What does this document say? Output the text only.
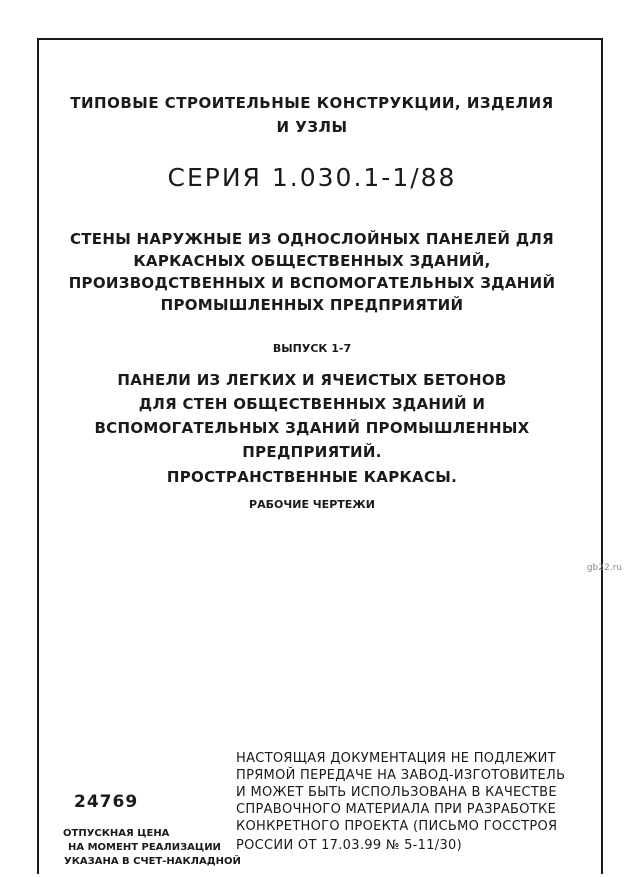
ТИПОВЫЕ СТРОИТЕЛЬНЫЕ КОНСТРУКЦИИ, ИЗДЕЛИЯ
И УЗЛЫ
СЕРИЯ 1.030.1-1/88
СТЕНЫ НАРУЖНЫЕ ИЗ ОДНОСЛОЙНЫХ ПАНЕЛЕЙ ДЛЯ
КАРКАСНЫХ ОБЩЕСТВЕННЫХ ЗДАНИЙ,
ПРОИЗВОДСТВЕННЫХ И ВСПОМОГАТЕЛЬНЫХ ЗДАНИЙ
ПРОМЫШЛЕННЫХ ПРЕДПРИЯТИЙ
ВЫПУСК 1-7
ПАНЕЛИ ИЗ ЛЕГКИХ И ЯЧЕИСТЫХ БЕТОНОВ
ДЛЯ СТЕН ОБЩЕСТВЕННЫХ ЗДАНИЙ И
ВСПОМОГАТЕЛЬНЫХ ЗДАНИЙ ПРОМЫШЛЕННЫХ
ПРЕДПРИЯТИЙ.
ПРОСТРАНСТВЕННЫЕ КАРКАСЫ.
РАБОЧИЕ ЧЕРТЕЖИ
gb22.ru
24769
ОТПУСКНАЯ ЦЕНА
НА МОМЕНТ РЕАЛИЗАЦИИ
УКАЗАНА В СЧЕТ-НАКЛАДНОЙ
НАСТОЯЩАЯ ДОКУМЕНТАЦИЯ НЕ ПОДЛЕЖИТ
ПРЯМОЙ ПЕРЕДАЧЕ НА ЗАВОД-ИЗГОТОВИТЕЛЬ
И МОЖЕТ БЫТЬ ИСПОЛЬЗОВАНА В КАЧЕСТВЕ
СПРАВОЧНОГО МАТЕРИАЛА ПРИ РАЗРАБОТКЕ
КОНКРЕТНОГО ПРОЕКТА (ПИСЬМО ГОССТРОЯ
РОССИИ ОТ 17.03.99 № 5-11/30)
